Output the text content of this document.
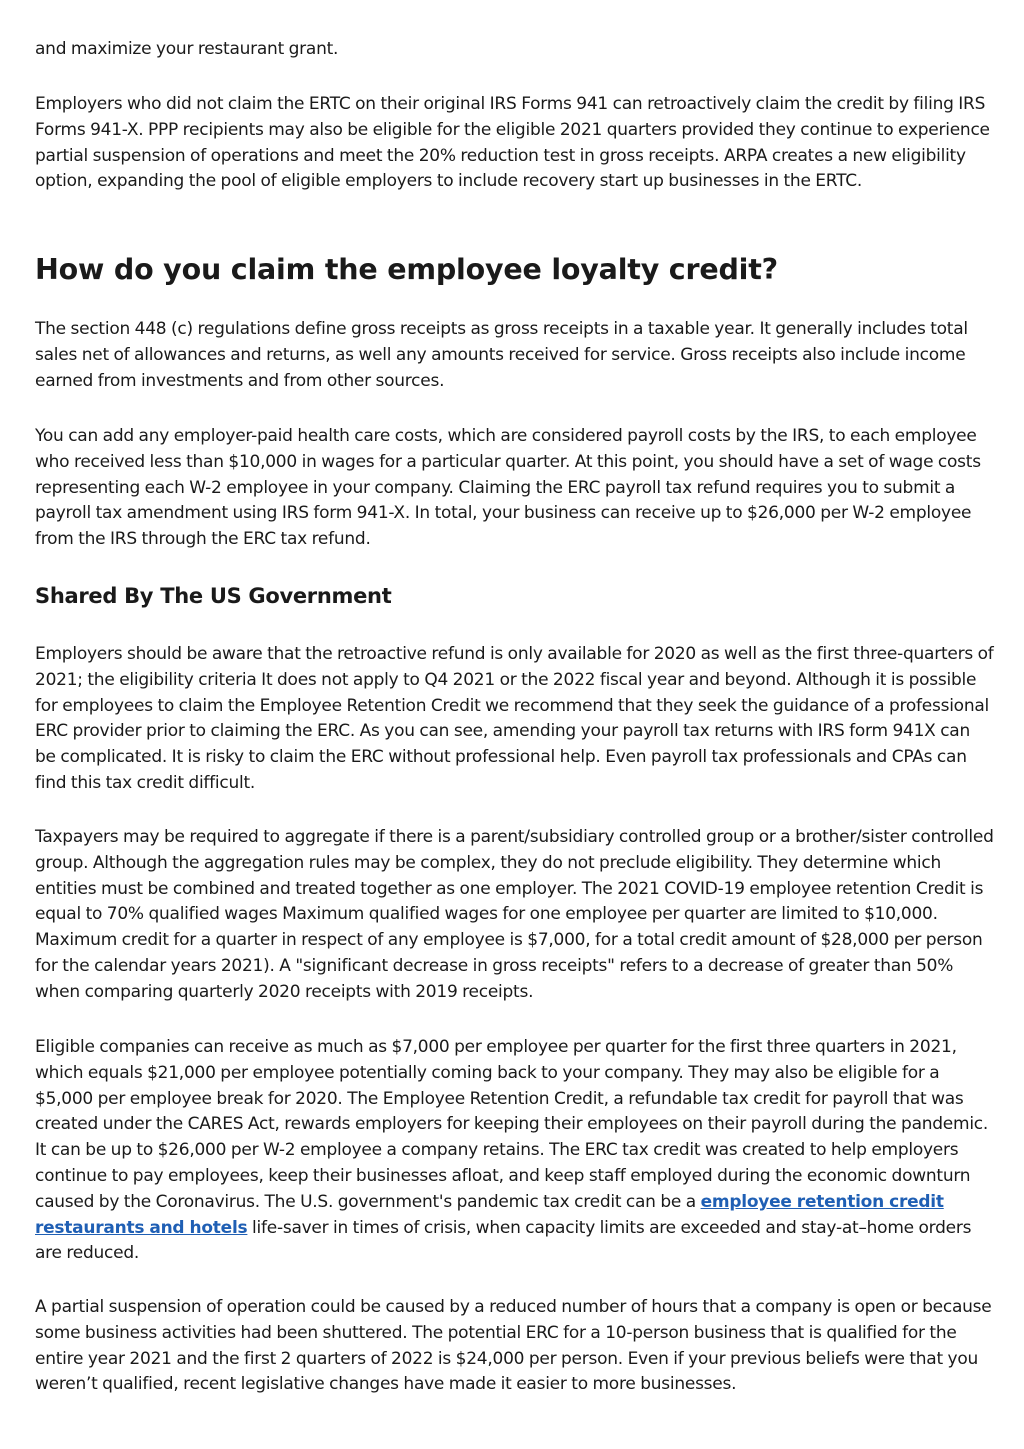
and maximize your restaurant grant.

Employers who did not claim the ERTC on their original IRS Forms 941 can retroactively claim the credit by filing IRS Forms 941-X. PPP recipients may also be eligible for the eligible 2021 quarters provided they continue to experience partial suspension of operations and meet the 20% reduction test in gross receipts. ARPA creates a new eligibility option, expanding the pool of eligible employers to include recovery start up businesses in the ERTC.

How do you claim the employee loyalty credit?

The section 448 (c) regulations define gross receipts as gross receipts in a taxable year. It generally includes total sales net of allowances and returns, as well any amounts received for service. Gross receipts also include income earned from investments and from other sources.

You can add any employer-paid health care costs, which are considered payroll costs by the IRS, to each employee who received less than $10,000 in wages for a particular quarter. At this point, you should have a set of wage costs representing each W-2 employee in your company. Claiming the ERC payroll tax refund requires you to submit a payroll tax amendment using IRS form 941-X. In total, your business can receive up to $26,000 per W-2 employee from the IRS through the ERC tax refund.

Shared By The US Government

Employers should be aware that the retroactive refund is only available for 2020 as well as the first three-quarters of 2021; the eligibility criteria It does not apply to Q4 2021 or the 2022 fiscal year and beyond. Although it is possible for employees to claim the Employee Retention Credit we recommend that they seek the guidance of a professional ERC provider prior to claiming the ERC. As you can see, amending your payroll tax returns with IRS form 941X can be complicated. It is risky to claim the ERC without professional help. Even payroll tax professionals and CPAs can find this tax credit difficult.

Taxpayers may be required to aggregate if there is a parent/subsidiary controlled group or a brother/sister controlled group. Although the aggregation rules may be complex, they do not preclude eligibility. They determine which entities must be combined and treated together as one employer. The 2021 COVID-19 employee retention Credit is equal to 70% qualified wages Maximum qualified wages for one employee per quarter are limited to $10,000. Maximum credit for a quarter in respect of any employee is $7,000, for a total credit amount of $28,000 per person for the calendar years 2021). A "significant decrease in gross receipts" refers to a decrease of greater than 50% when comparing quarterly 2020 receipts with 2019 receipts.

Eligible companies can receive as much as $7,000 per employee per quarter for the first three quarters in 2021, which equals $21,000 per employee potentially coming back to your company. They may also be eligible for a $5,000 per employee break for 2020. The Employee Retention Credit, a refundable tax credit for payroll that was created under the CARES Act, rewards employers for keeping their employees on their payroll during the pandemic. It can be up to $26,000 per W-2 employee a company retains. The ERC tax credit was created to help employers continue to pay employees, keep their businesses afloat, and keep staff employed during the economic downturn caused by the Coronavirus. The U.S. government's pandemic tax credit can be a employee retention credit restaurants and hotels life-saver in times of crisis, when capacity limits are exceeded and stay-at–home orders are reduced.

A partial suspension of operation could be caused by a reduced number of hours that a company is open or because some business activities had been shuttered. The potential ERC for a 10-person business that is qualified for the entire year 2021 and the first 2 quarters of 2022 is $24,000 per person. Even if your previous beliefs were that you weren’t qualified, recent legislative changes have made it easier to more businesses.
